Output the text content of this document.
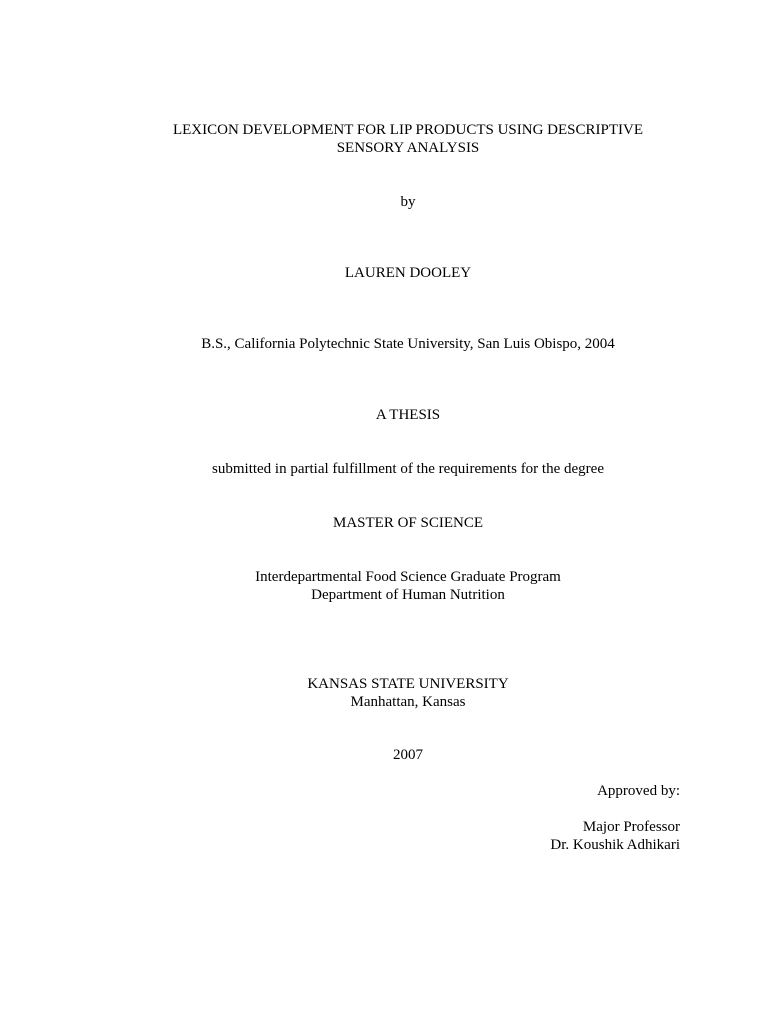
LEXICON DEVELOPMENT FOR LIP PRODUCTS USING DESCRIPTIVE
SENSORY ANALYSIS
by
LAUREN DOOLEY
B.S., California Polytechnic State University, San Luis Obispo, 2004
A THESIS
submitted in partial fulfillment of the requirements for the degree
MASTER OF SCIENCE
Interdepartmental Food Science Graduate Program
Department of Human Nutrition
KANSAS STATE UNIVERSITY
Manhattan, Kansas
2007
Approved by:
Major Professor
Dr. Koushik Adhikari
